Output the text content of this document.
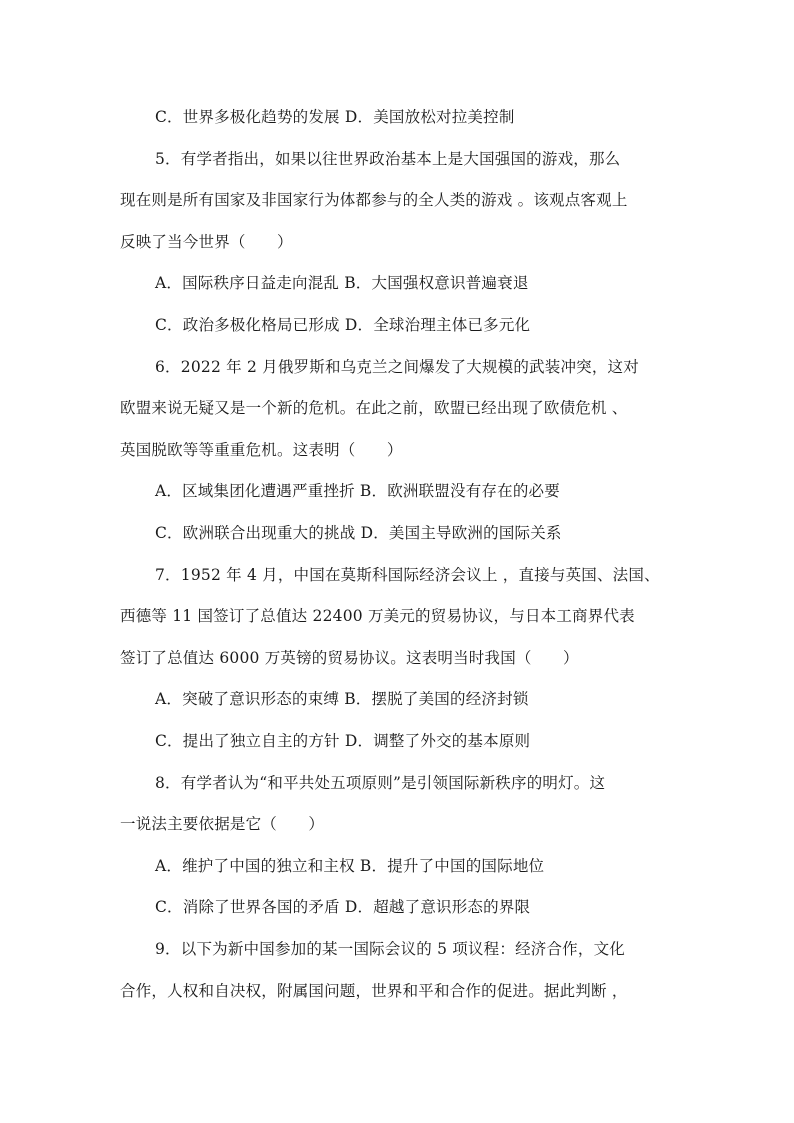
C．世界多极化趋势的发展 D．美国放松对拉美控制
5．有学者指出，如果以往世界政治基本上是大国强国的游戏，那么
现在则是所有国家及非国家行为体都参与的全人类的游戏 。该观点客观上
反映了当今世界（　　）
A．国际秩序日益走向混乱 B．大国强权意识普遍衰退
C．政治多极化格局已形成 D．全球治理主体已多元化
6．2022 年 2 月俄罗斯和乌克兰之间爆发了大规模的武装冲突，这对
欧盟来说无疑又是一个新的危机。在此之前，欧盟已经出现了欧债危机 、
英国脱欧等等重重危机。这表明（　　）
A．区域集团化遭遇严重挫折 B．欧洲联盟没有存在的必要
C．欧洲联合出现重大的挑战 D．美国主导欧洲的国际关系
7．1952 年 4 月，中国在莫斯科国际经济会议上 ，直接与英国、法国、
西德等 11 国签订了总值达 22400 万美元的贸易协议，与日本工商界代表
签订了总值达 6000 万英镑的贸易协议。这表明当时我国（　　）
A．突破了意识形态的束缚 B．摆脱了美国的经济封锁
C．提出了独立自主的方针 D．调整了外交的基本原则
8．有学者认为“和平共处五项原则”是引领国际新秩序的明灯。这
一说法主要依据是它（　　）
A．维护了中国的独立和主权 B．提升了中国的国际地位
C．消除了世界各国的矛盾 D．超越了意识形态的界限
9．以下为新中国参加的某一国际会议的 5 项议程：经济合作，文化
合作，人权和自决权，附属国问题，世界和平和合作的促进。据此判断 ，
